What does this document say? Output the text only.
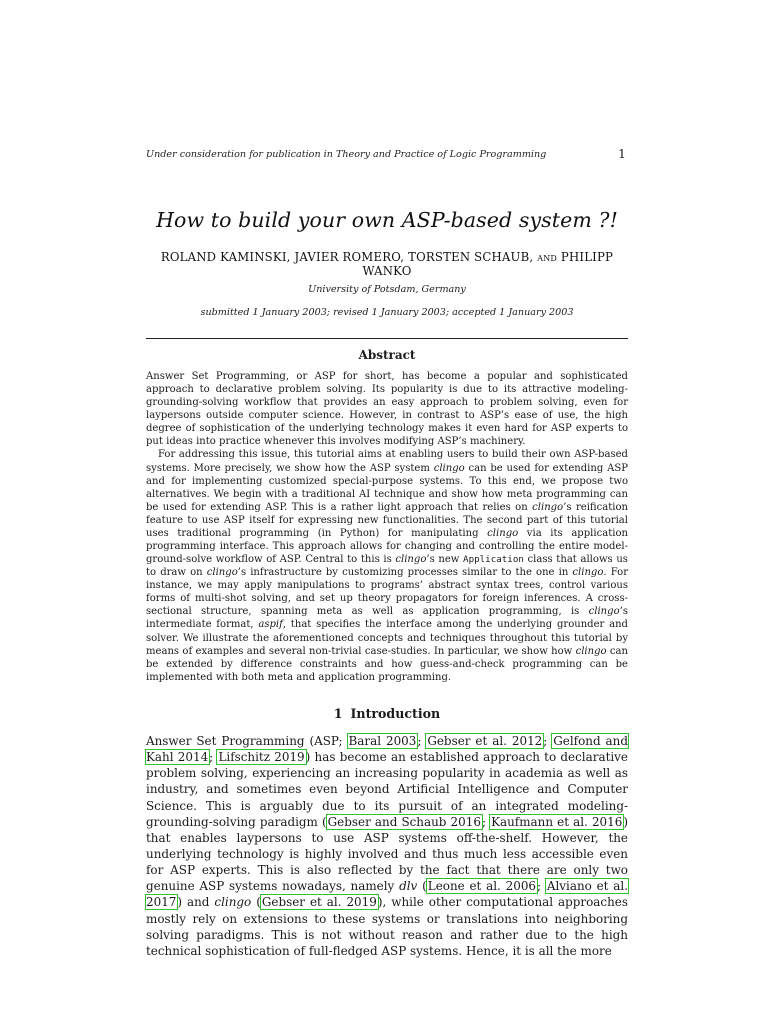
Under consideration for publication in Theory and Practice of Logic Programming	1
How to build your own ASP-based system ?!
ROLAND KAMINSKI, JAVIER ROMERO, TORSTEN SCHAUB, and PHILIPP WANKO
University of Potsdam, Germany
submitted 1 January 2003; revised 1 January 2003; accepted 1 January 2003
Abstract

Answer Set Programming, or ASP for short, has become a popular and sophisticated approach to declarative problem solving. Its popularity is due to its attractive modeling-grounding-solving workflow that provides an easy approach to problem solving, even for laypersons outside computer science. However, in contrast to ASP’s ease of use, the high degree of sophistication of the underlying technology makes it even hard for ASP experts to put ideas into practice whenever this involves modifying ASP’s machinery.

For addressing this issue, this tutorial aims at enabling users to build their own ASP-based systems. More precisely, we show how the ASP system clingo can be used for extending ASP and for implementing customized special-purpose systems. To this end, we propose two alternatives. We begin with a traditional AI technique and show how meta programming can be used for extending ASP. This is a rather light approach that relies on clingo’s reification feature to use ASP itself for expressing new functionalities. The second part of this tutorial uses traditional programming (in Python) for manipulating clingo via its application programming interface. This approach allows for changing and controlling the entire model-ground-solve workflow of ASP. Central to this is clingo’s new Application class that allows us to draw on clingo’s infrastructure by customizing processes similar to the one in clingo. For instance, we may apply manipulations to programs’ abstract syntax trees, control various forms of multi-shot solving, and set up theory propagators for foreign inferences. A cross-sectional structure, spanning meta as well as application programming, is clingo’s intermediate format, aspif, that specifies the interface among the underlying grounder and solver. We illustrate the aforementioned concepts and techniques throughout this tutorial by means of examples and several non-trivial case-studies. In particular, we show how clingo can be extended by difference constraints and how guess-and-check programming can be implemented with both meta and application programming.

1 Introduction

Answer Set Programming (ASP; Baral 2003; Gebser et al. 2012; Gelfond and Kahl 2014; Lifschitz 2019) has become an established approach to declarative problem solving, experiencing an increasing popularity in academia as well as industry, and sometimes even beyond Artificial Intelligence and Computer Science. This is arguably due to its pursuit of an integrated modeling-grounding-solving paradigm (Gebser and Schaub 2016; Kaufmann et al. 2016) that enables laypersons to use ASP systems off-the-shelf. However, the underlying technology is highly involved and thus much less accessible even for ASP experts. This is also reflected by the fact that there are only two genuine ASP systems nowadays, namely dlv (Leone et al. 2006; Alviano et al. 2017) and clingo (Gebser et al. 2019), while other computational approaches mostly rely on extensions to these systems or translations into neighboring solving paradigms. This is not without reason and rather due to the high technical sophistication of full-fledged ASP systems. Hence, it is all the more
